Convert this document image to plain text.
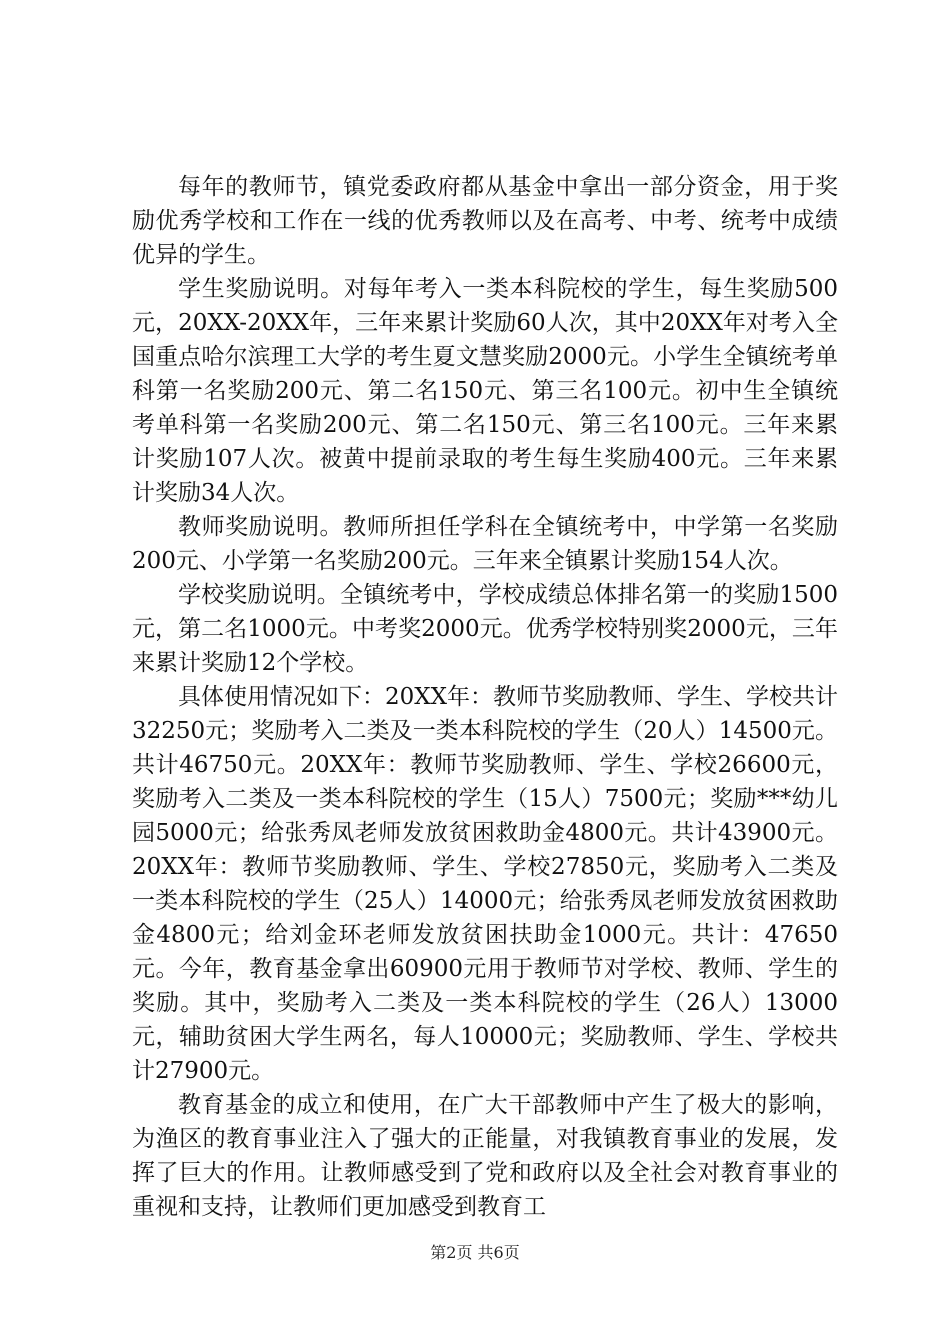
每年的教师节，镇党委政府都从基金中拿出一部分资金，用于奖励优秀学校和工作在一线的优秀教师以及在高考、中考、统考中成绩优异的学生。

学生奖励说明。对每年考入一类本科院校的学生，每生奖励500元，20XX-20XX年，三年来累计奖励60人次，其中20XX年对考入全国重点哈尔滨理工大学的考生夏文慧奖励2000元。小学生全镇统考单科第一名奖励200元、第二名150元、第三名100元。初中生全镇统考单科第一名奖励200元、第二名150元、第三名100元。三年来累计奖励107人次。被黄中提前录取的考生每生奖励400元。三年来累计奖励34人次。

教师奖励说明。教师所担任学科在全镇统考中，中学第一名奖励200元、小学第一名奖励200元。三年来全镇累计奖励154人次。

学校奖励说明。全镇统考中，学校成绩总体排名第一的奖励1500元，第二名1000元。中考奖2000元。优秀学校特别奖2000元，三年来累计奖励12个学校。

具体使用情况如下：20XX年：教师节奖励教师、学生、学校共计32250元；奖励考入二类及一类本科院校的学生（20人）14500元。共计46750元。20XX年：教师节奖励教师、学生、学校26600元，奖励考入二类及一类本科院校的学生（15人）7500元；奖励***幼儿园5000元；给张秀凤老师发放贫困救助金4800元。共计43900元。20XX年：教师节奖励教师、学生、学校27850元，奖励考入二类及一类本科院校的学生（25人）14000元；给张秀凤老师发放贫困救助金4800元；给刘金环老师发放贫困扶助金1000元。共计：47650元。今年，教育基金拿出60900元用于教师节对学校、教师、学生的奖励。其中，奖励考入二类及一类本科院校的学生（26人）13000元，辅助贫困大学生两名，每人10000元；奖励教师、学生、学校共计27900元。

教育基金的成立和使用，在广大干部教师中产生了极大的影响，为渔区的教育事业注入了强大的正能量，对我镇教育事业的发展，发挥了巨大的作用。让教师感受到了党和政府以及全社会对教育事业的重视和支持，让教师们更加感受到教育工

第2页 共6页
